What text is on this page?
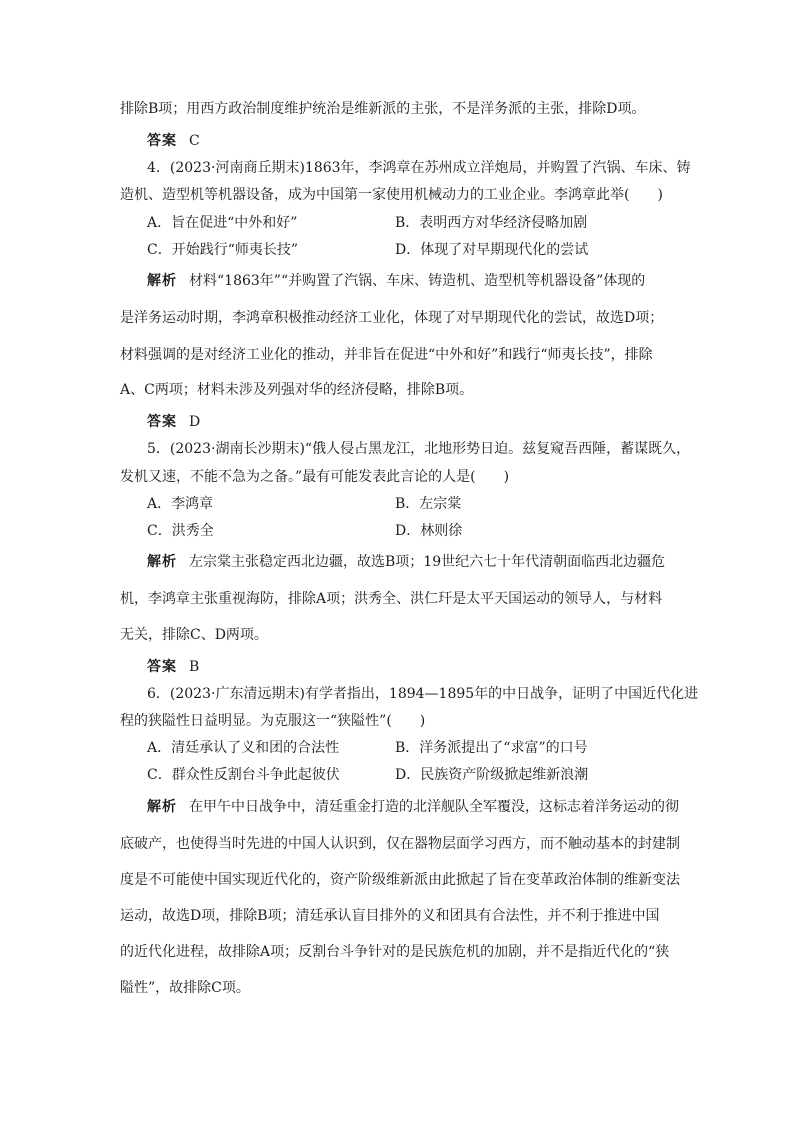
排除B项；用西方政治制度维护统治是维新派的主张，不是洋务派的主张，排除D项。

答案 C

4．(2023·河南商丘期末)1863年，李鸿章在苏州成立洋炮局，并购置了汽锅、车床、铸

造机、造型机等机器设备，成为中国第一家使用机械动力的工业企业。李鸿章此举(　　)

A．旨在促进“中外和好”	B．表明西方对华经济侵略加剧
C．开始践行“师夷长技”	D．体现了对早期现代化的尝试

解析 材料“1863年”“并购置了汽锅、车床、铸造机、造型机等机器设备”体现的

是洋务运动时期，李鸿章积极推动经济工业化，体现了对早期现代化的尝试，故选D项；

材料强调的是对经济工业化的推动，并非旨在促进“中外和好”和践行“师夷长技”，排除

A、C两项；材料未涉及列强对华的经济侵略，排除B项。

答案 D

5．(2023·湖南长沙期末)“俄人侵占黑龙江，北地形势日迫。兹复窥吾西陲，蓄谋既久，

发机又速，不能不急为之备。”最有可能发表此言论的人是(　　)

A．李鸿章	B．左宗棠
C．洪秀全	D．林则徐

解析 左宗棠主张稳定西北边疆，故选B项；19世纪六七十年代清朝面临西北边疆危

机，李鸿章主张重视海防，排除A项；洪秀全、洪仁玕是太平天国运动的领导人，与材料

无关，排除C、D两项。

答案 B

6．(2023·广东清远期末)有学者指出，1894—1895年的中日战争，证明了中国近代化进

程的狭隘性日益明显。为克服这一“狭隘性”(　　)

A．清廷承认了义和团的合法性	B．洋务派提出了“求富”的口号
C．群众性反割台斗争此起彼伏	D．民族资产阶级掀起维新浪潮

解析 在甲午中日战争中，清廷重金打造的北洋舰队全军覆没，这标志着洋务运动的彻

底破产，也使得当时先进的中国人认识到，仅在器物层面学习西方，而不触动基本的封建制

度是不可能使中国实现近代化的，资产阶级维新派由此掀起了旨在变革政治体制的维新变法

运动，故选D项，排除B项；清廷承认盲目排外的义和团具有合法性，并不利于推进中国

的近代化进程，故排除A项；反割台斗争针对的是民族危机的加剧，并不是指近代化的“狭

隘性”，故排除C项。
